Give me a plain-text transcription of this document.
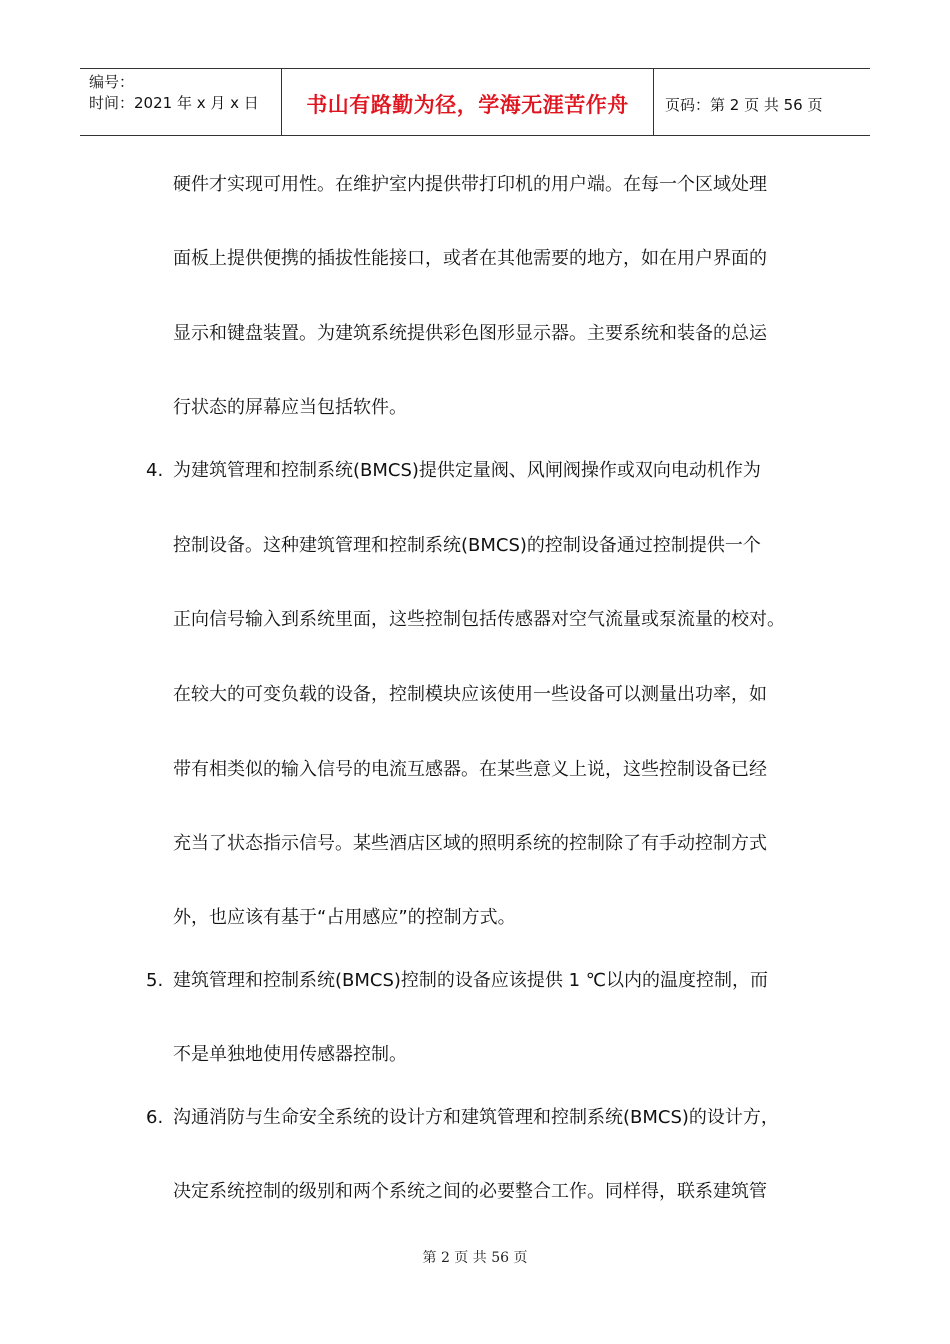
编号：
时间：2021 年 x 月 x 日	书山有路勤为径，学海无涯苦作舟 页码：第 2 页 共 56 页
硬件才实现可用性。在维护室内提供带打印机的用户端。在每一个区域处理
面板上提供便携的插拔性能接口，或者在其他需要的地方，如在用户界面的
显示和键盘装置。为建筑系统提供彩色图形显示器。主要系统和装备的总运
行状态的屏幕应当包括软件。
4. 为建筑管理和控制系统(BMCS)提供定量阀、风闸阀操作或双向电动机作为
控制设备。这种建筑管理和控制系统(BMCS)的控制设备通过控制提供一个
正向信号输入到系统里面，这些控制包括传感器对空气流量或泵流量的校对。
在较大的可变负载的设备，控制模块应该使用一些设备可以测量出功率，如
带有相类似的输入信号的电流互感器。在某些意义上说，这些控制设备已经
充当了状态指示信号。某些酒店区域的照明系统的控制除了有手动控制方式
外，也应该有基于“占用感应”的控制方式。
5. 建筑管理和控制系统(BMCS)控制的设备应该提供 1 ℃以内的温度控制，而
不是单独地使用传感器控制。
6. 沟通消防与生命安全系统的设计方和建筑管理和控制系统(BMCS)的设计方，
决定系统控制的级别和两个系统之间的必要整合工作。同样得，联系建筑管
第 2 页 共 56 页
